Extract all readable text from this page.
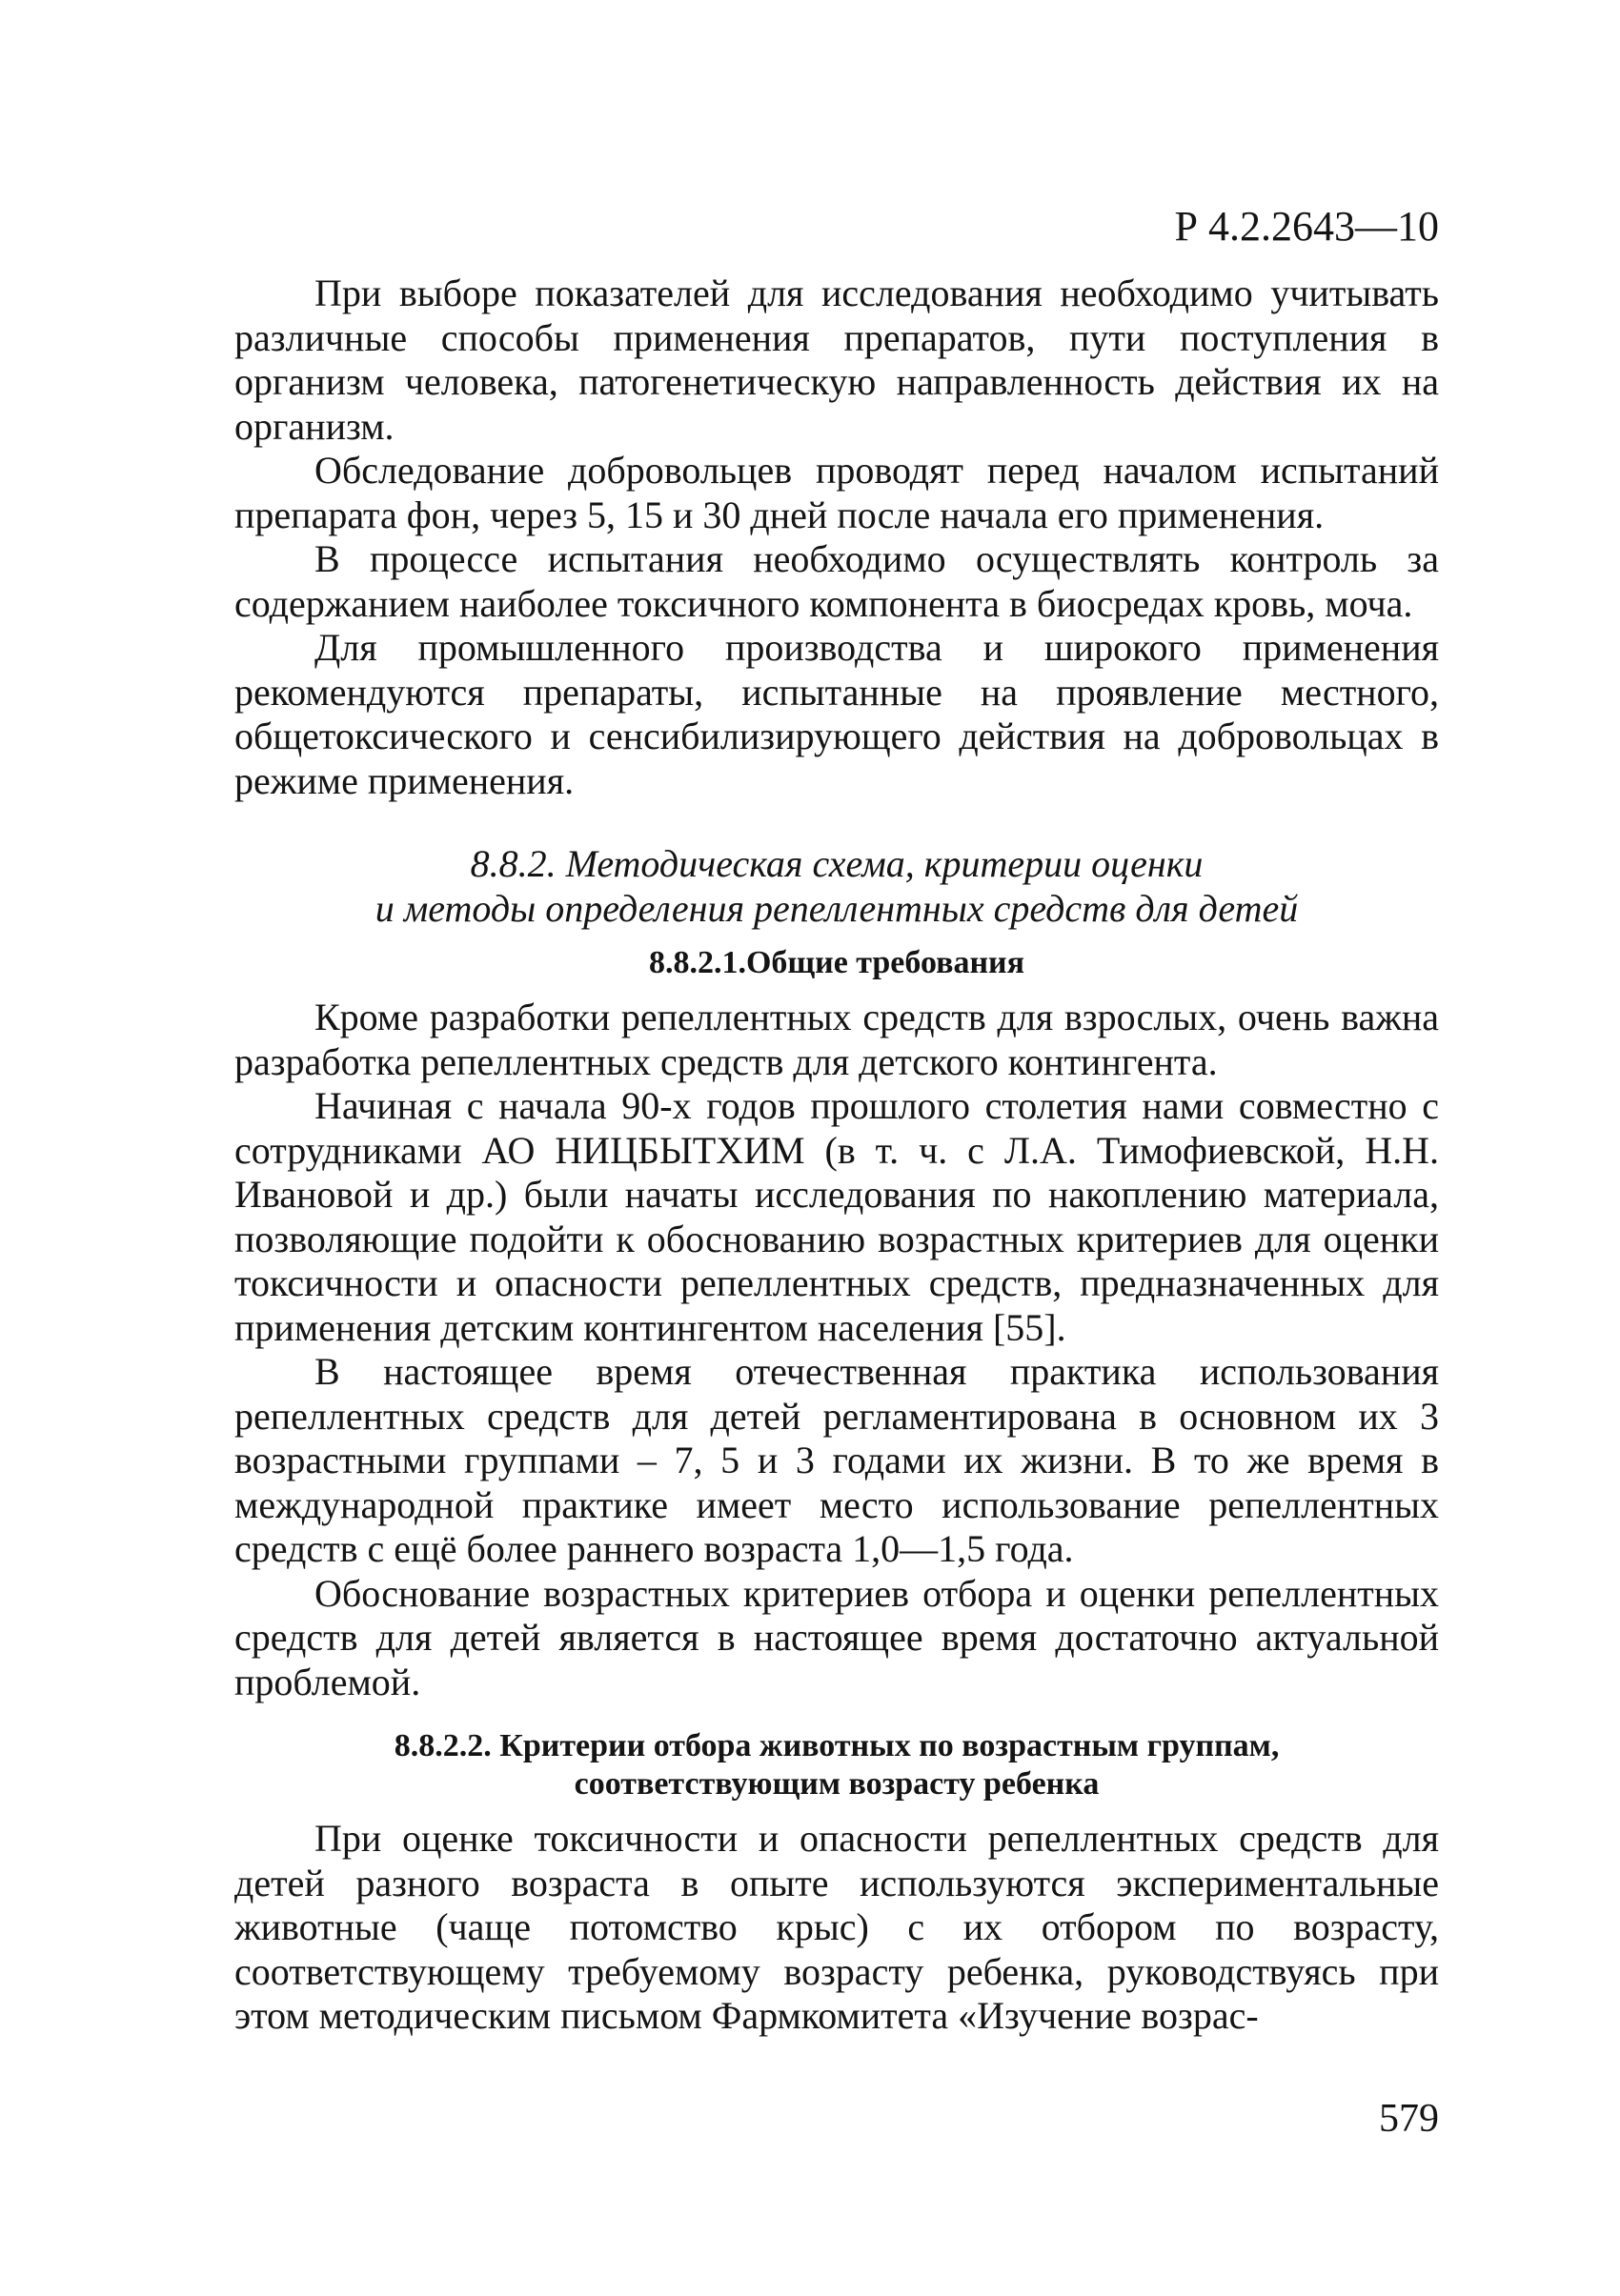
Р 4.2.2643—10

При выборе показателей для исследования необходимо учитывать различные способы применения препаратов, пути поступления в организм человека, патогенетическую направленность действия их на организм.

Обследование добровольцев проводят перед началом испытаний препарата фон, через 5, 15 и 30 дней после начала его применения.

В процессе испытания необходимо осуществлять контроль за содержанием наиболее токсичного компонента в биосредах кровь, моча.

Для промышленного производства и широкого применения рекомендуются препараты, испытанные на проявление местного, общетоксического и сенсибилизирующего действия на добровольцах в режиме применения.

8.8.2. Методическая схема, критерии оценки
и методы определения репеллентных средств для детей
8.8.2.1.Общие требования

Кроме разработки репеллентных средств для взрослых, очень важна разработка репеллентных средств для детского контингента.

Начиная с начала 90-х годов прошлого столетия нами совместно с сотрудниками АО НИЦБЫТХИМ (в т. ч. с Л.А. Тимофиевской, Н.Н. Ивановой и др.) были начаты исследования по накоплению материала, позволяющие подойти к обоснованию возрастных критериев для оценки токсичности и опасности репеллентных средств, предназначенных для применения детским контингентом населения [55].

В настоящее время отечественная практика использования репеллентных средств для детей регламентирована в основном их 3 возрастными группами – 7, 5 и 3 годами их жизни. В то же время в международной практике имеет место использование репеллентных средств с ещё более раннего возраста 1,0—1,5 года.

Обоснование возрастных критериев отбора и оценки репеллентных средств для детей является в настоящее время достаточно актуальной проблемой.

8.8.2.2. Критерии отбора животных по возрастным группам,
соответствующим возрасту ребенка

При оценке токсичности и опасности репеллентных средств для детей разного возраста в опыте используются экспериментальные животные (чаще потомство крыс) с их отбором по возрасту, соответствующему требуемому возрасту ребенка, руководствуясь при этом методическим письмом Фармкомитета «Изучение возрас-

579
